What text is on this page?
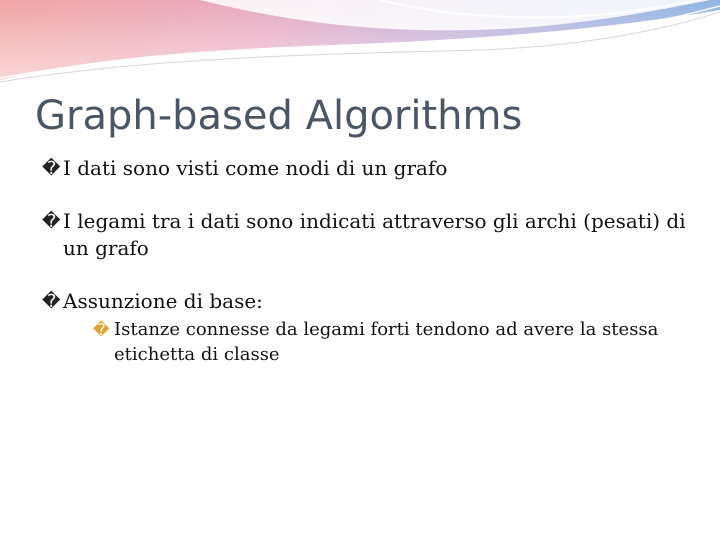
Graph-based Algorithms
� I dati sono visti come nodi di un grafo
� I legami tra i dati sono indicati attraverso gli archi (pesati) di un grafo
� Assunzione di base:
� Istanze connesse da legami forti tendono ad avere la stessa etichetta di classe
